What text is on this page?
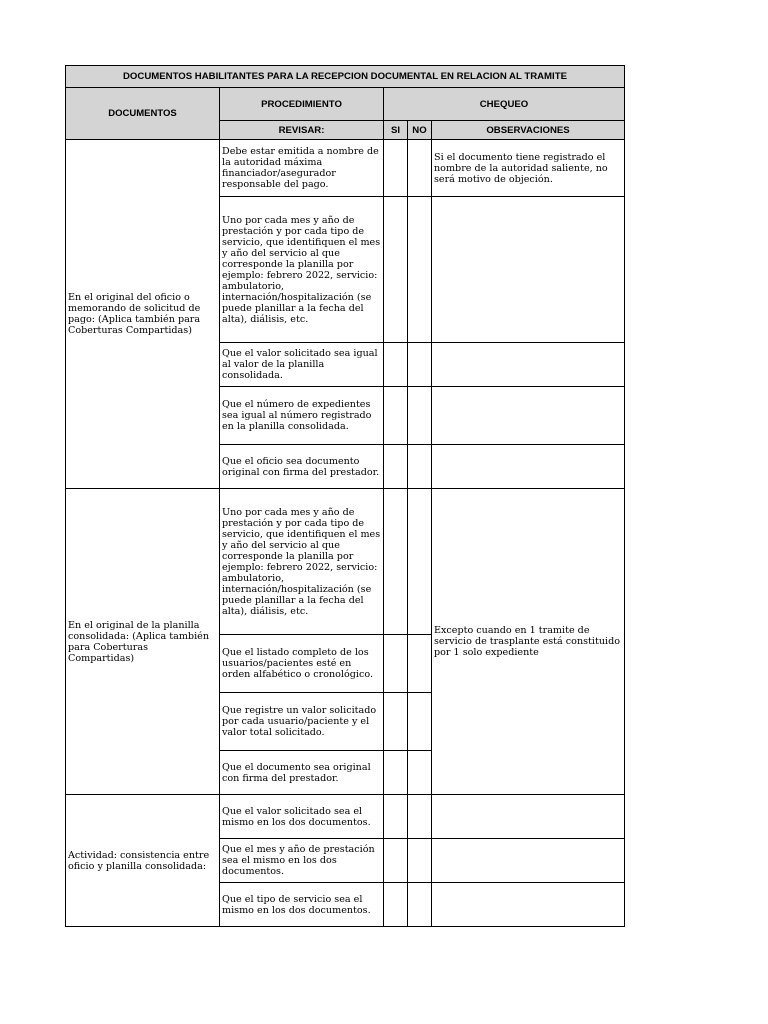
DOCUMENTOS HABILITANTES PARA LA RECEPCION DOCUMENTAL EN RELACION AL TRAMITE				
DOCUMENTOS	PROCEDIMIENTO	CHEQUEO		
	REVISAR:	SI	NO	OBSERVACIONES
En el original del oficio o memorando de solicitud de pago: (Aplica también para Coberturas Compartidas)	Debe estar emitida a nombre de la autoridad máxima financiador/asegurador responsable del pago.			Si el documento tiene registrado el nombre de la autoridad saliente, no será motivo de objeción.
	Uno por cada mes y año de prestación y por cada tipo de servicio, que identifiquen el mes y año del servicio al que corresponde la planilla por ejemplo: febrero 2022, servicio: ambulatorio, internación/hospitalización (se puede planillar a la fecha del alta), diálisis, etc.			
	Que el valor solicitado sea igual al valor de la planilla consolidada.			
	Que el número de expedientes sea igual al número registrado en la planilla consolidada.			
	Que el oficio sea documento original con firma del prestador.			
En el original de la planilla consolidada: (Aplica también para Coberturas Compartidas)	Uno por cada mes y año de prestación y por cada tipo de servicio, que identifiquen el mes y año del servicio al que corresponde la planilla por ejemplo: febrero 2022, servicio: ambulatorio, internación/hospitalización (se puede planillar a la fecha del alta), diálisis, etc.			Excepto cuando en 1 tramite de servicio de trasplante está constituido por 1 solo expediente
	Que el listado completo de los usuarios/pacientes esté en orden alfabético o cronológico.			
	Que registre un valor solicitado por cada usuario/paciente y el valor total solicitado.			
	Que el documento sea original con firma del prestador.			
Actividad: consistencia entre oficio y planilla consolidada:	Que el valor solicitado sea el mismo en los dos documentos.			
	Que el mes y año de prestación sea el mismo en los dos documentos.			
	Que el tipo de servicio sea el mismo en los dos documentos.			
